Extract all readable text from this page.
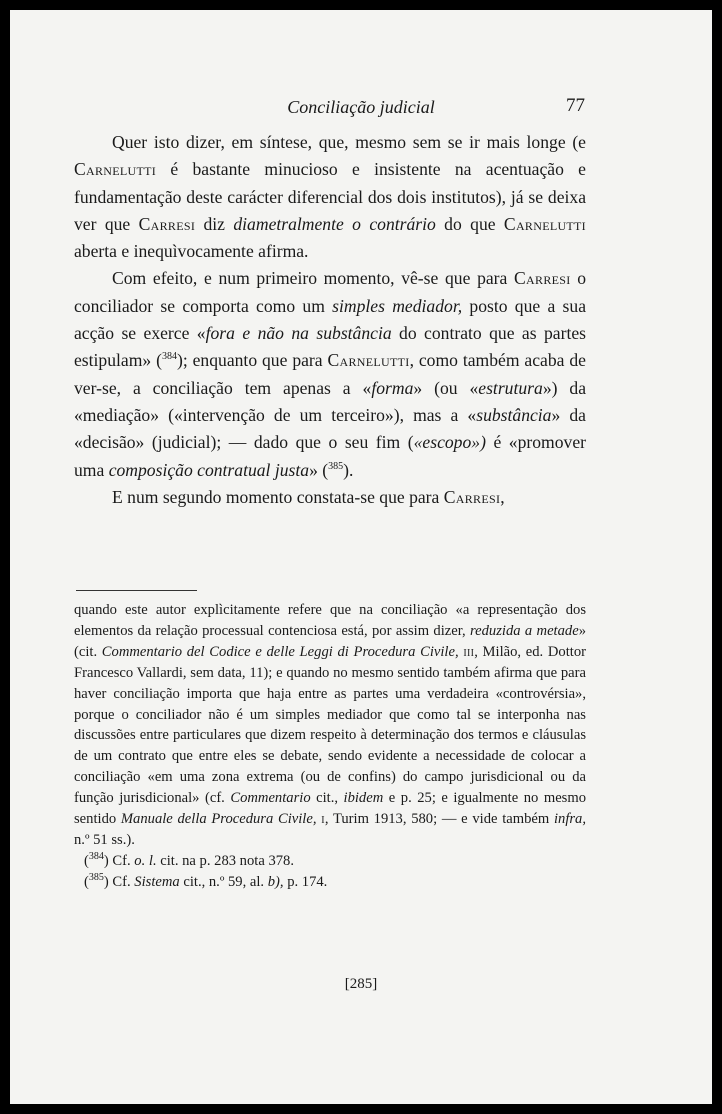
Conciliação judicial	77

Quer isto dizer, em síntese, que, mesmo sem se ir mais longe (e Carnelutti é bastante minucioso e insistente na acentuação e fundamentação deste carácter diferencial dos dois institutos), já se deixa ver que Carresi diz diametralmente o contrário do que Carnelutti aberta e inequìvocamente afirma.

Com efeito, e num primeiro momento, vê-se que para Carresi o conciliador se comporta como um simples mediador, posto que a sua acção se exerce «fora e não na substância do contrato que as partes estipulam» ($^{384}$); enquanto que para Carnelutti, como também acaba de ver-se, a conciliação tem apenas a «forma» (ou «estrutura») da «mediação» («intervenção de um terceiro»), mas a «substância» da «decisão» (judicial); — dado que o seu fim («escopo») é «promover uma composição contratual justa» ($^{385}$).

E num segundo momento constata-se que para Carresi,

quando este autor explìcitamente refere que na conciliação «a representação dos elementos da relação processual contenciosa está, por assim dizer, reduzida a metade» (cit. Commentario del Codice e delle Leggi di Procedura Civile, iii, Milão, ed. Dottor Francesco Vallardi, sem data, 11); e quando no mesmo sentido também afirma que para haver conciliação importa que haja entre as partes uma verdadeira «controvérsia», porque o conciliador não é um simples mediador que como tal se interponha nas discussões entre particulares que dizem respeito à determinação dos termos e cláusulas de um contrato que entre eles se debate, sendo evidente a necessidade de colocar a conciliação «em uma zona extrema (ou de confins) do campo jurisdicional ou da função jurisdicional» (cf. Commentario cit., ibidem e p. 25; e igualmente no mesmo sentido Manuale della Procedura Civile, i, Turim 1913, 580; — e vide também infra, n.º 51 ss.).

($^{384}$) Cf. o. l. cit. na p. 283 nota 378.

($^{385}$) Cf. Sistema cit., n.º 59, al. b), p. 174.

[285]
